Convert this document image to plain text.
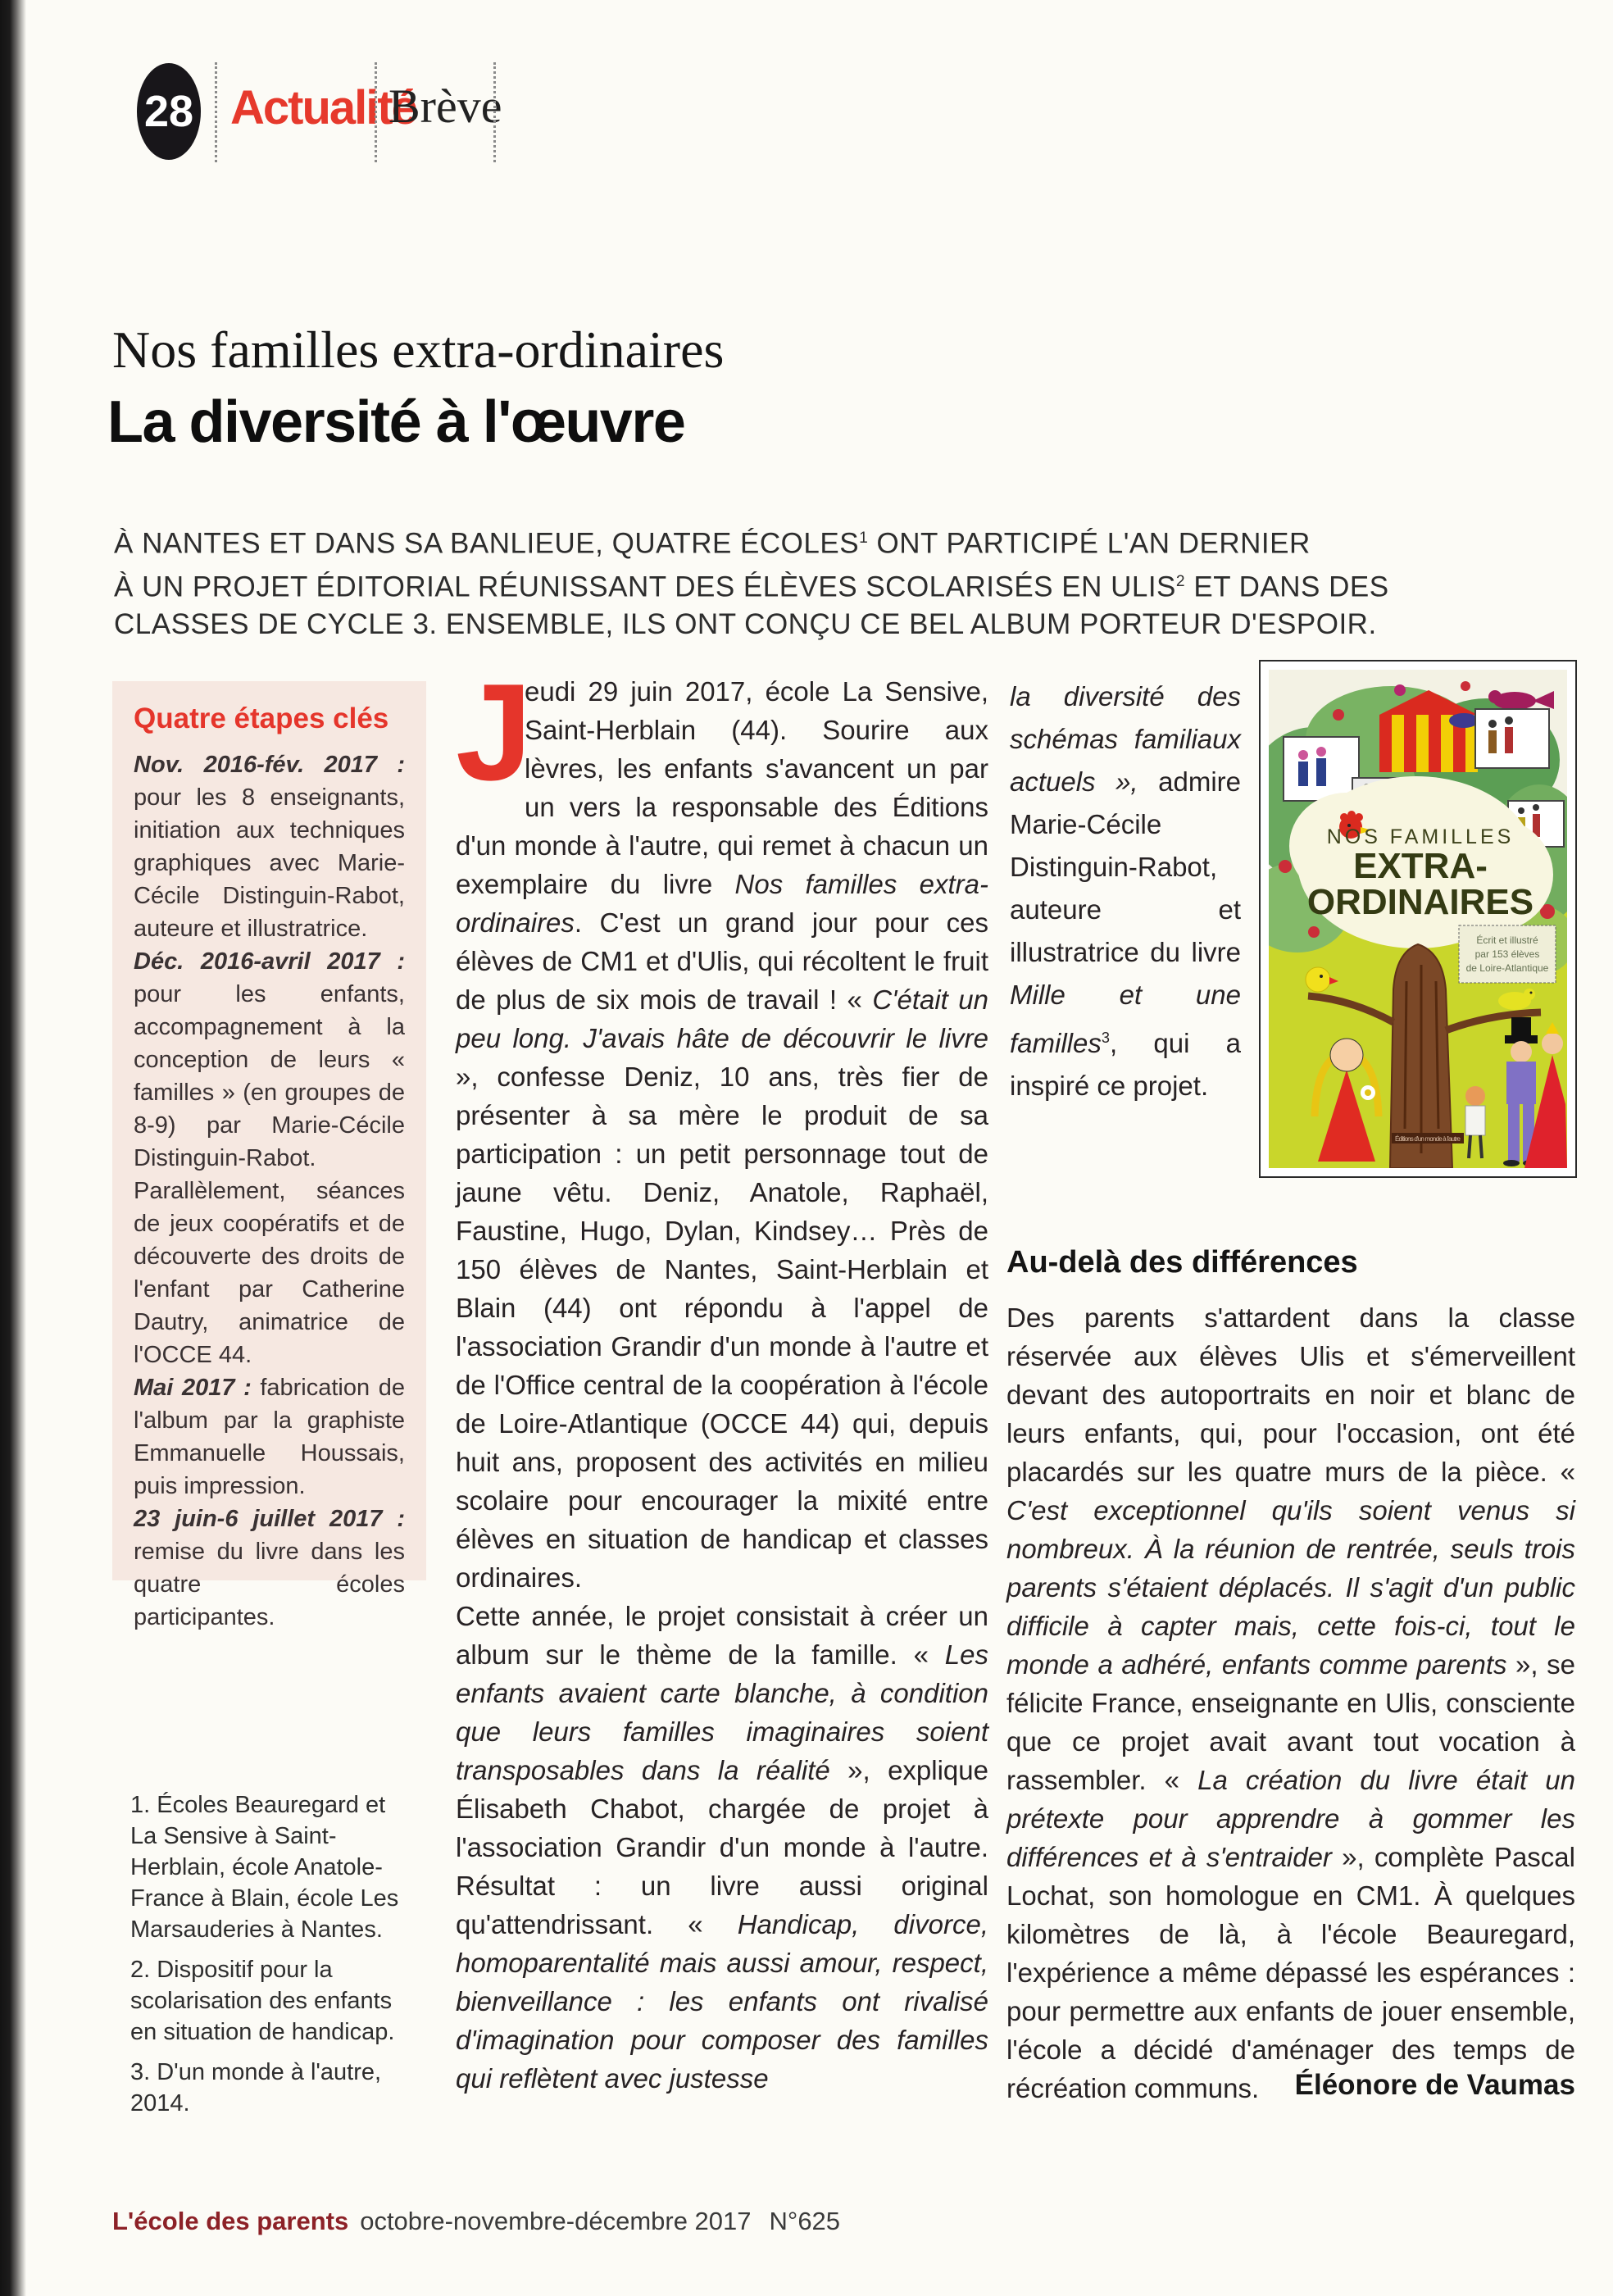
28 Actualité
Brève
Nos familles extra-ordinaires
La diversité à l'œuvre
À NANTES ET DANS SA BANLIEUE, QUATRE ÉCOLES$^1$ ONT PARTICIPÉ L'AN DERNIER
À UN PROJET ÉDITORIAL RÉUNISSANT DES ÉLÈVES SCOLARISÉS EN ULIS$^2$ ET DANS DES
CLASSES DE CYCLE 3. ENSEMBLE, ILS ONT CONÇU CE BEL ALBUM PORTEUR D'ESPOIR.
Quatre étapes clés

Nov. 2016-fév. 2017 : pour les 8 enseignants, initiation aux techniques graphiques avec Marie-Cécile Distinguin-Rabot, auteure et illustratrice.

Déc. 2016-avril 2017 : pour les enfants, accompagnement à la conception de leurs « familles » (en groupes de 8-9) par Marie-Cécile Distinguin-Rabot. Parallèlement, séances de jeux coopératifs et de découverte des droits de l'enfant par Catherine Dautry, animatrice de l'OCCE 44.

Mai 2017 : fabrication de l'album par la graphiste Emmanuelle Houssais, puis impression.

23 juin-6 juillet 2017 : remise du livre dans les quatre écoles participantes.

J
eudi 29 juin 2017, école La Sensive, Saint-Herblain (44). Sourire aux lèvres, les enfants s'avancent un par un vers la responsable des Éditions d'un monde à l'autre, qui remet à chacun un exemplaire du livre Nos familles extra-ordinaires. C'est un grand jour pour ces élèves de CM1 et d'Ulis, qui récoltent le fruit de plus de six mois de travail ! « C'était un peu long. J'avais hâte de découvrir le livre », confesse Deniz, 10 ans, très fier de présenter à sa mère le produit de sa participation : un petit personnage tout de jaune vêtu. Deniz, Anatole, Raphaël, Faustine, Hugo, Dylan, Kindsey… Près de 150 élèves de Nantes, Saint-Herblain et Blain (44) ont répondu à l'appel de l'association Grandir d'un monde à l'autre et de l'Office central de la coopération à l'école de Loire-Atlantique (OCCE 44) qui, depuis huit ans, proposent des activités en milieu scolaire pour encourager la mixité entre élèves en situation de handicap et classes ordinaires.

Cette année, le projet consistait à créer un album sur le thème de la famille. « Les enfants avaient carte blanche, à condition que leurs familles imaginaires soient transposables dans la réalité », explique Élisabeth Chabot, chargée de projet à l'association Grandir d'un monde à l'autre. Résultat : un livre aussi original qu'attendrissant. « Handicap, divorce, homoparentalité mais aussi amour, respect, bienveillance : les enfants ont rivalisé d'imagination pour composer des familles qui reflètent avec justesse

la diversité des schémas familiaux actuels », admire Marie-Cécile Distinguin-Rabot, auteure et illustratrice du livre Mille et une familles$^3$, qui a inspiré ce projet.
NOS FAMILLES
EXTRA-
ORDINAIRES
Écrit et illustré
par 153 élèves
de Loire-Atlantique
Éditions d'un monde à l'autre
Au-delà des différences

Des parents s'attardent dans la classe réservée aux élèves Ulis et s'émerveillent devant des autoportraits en noir et blanc de leurs enfants, qui, pour l'occasion, ont été placardés sur les quatre murs de la pièce. « C'est exceptionnel qu'ils soient venus si nombreux. À la réunion de rentrée, seuls trois parents s'étaient déplacés. Il s'agit d'un public difficile à capter mais, cette fois-ci, tout le monde a adhéré, enfants comme parents », se félicite France, enseignante en Ulis, consciente que ce projet avait avant tout vocation à rassembler. « La création du livre était un prétexte pour apprendre à gommer les différences et à s'entraider », complète Pascal Lochat, son homologue en CM1. À quelques kilomètres de là, à l'école Beauregard, l'expérience a même dépassé les espérances : pour permettre aux enfants de jouer ensemble, l'école a décidé d'aménager des temps de récréation communs.	Éléonore de Vaumas

1. Écoles Beauregard et La Sensive à Saint-Herblain, école Anatole-France à Blain, école Les Marsauderies à Nantes.

2. Dispositif pour la scolarisation des enfants en situation de handicap.

3. D'un monde à l'autre, 2014.

L'école des parents octobre-novembre-décembre 2017 N°625
